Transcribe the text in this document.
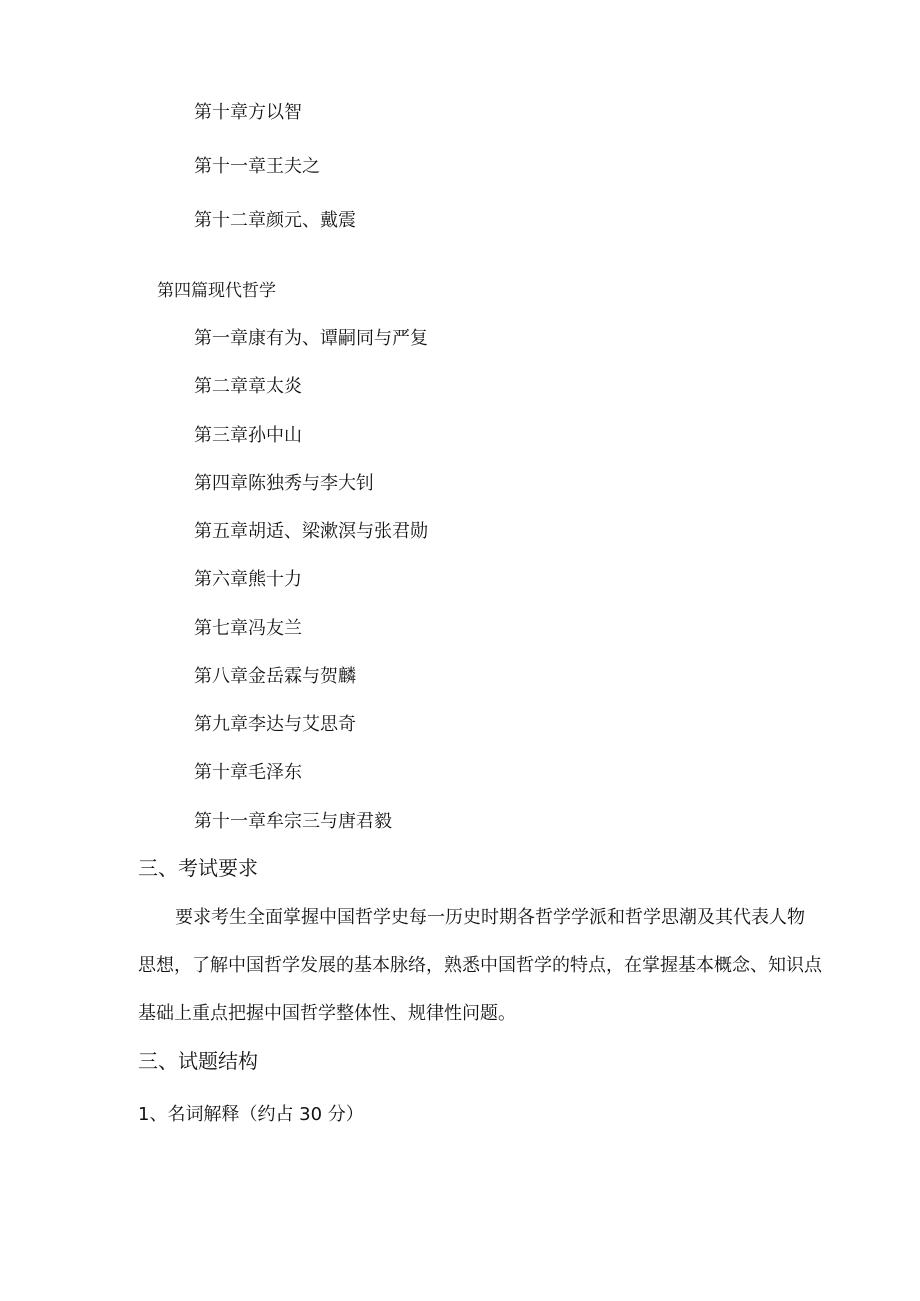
第十章方以智
第十一章王夫之
第十二章颜元、戴震
第四篇现代哲学
第一章康有为、谭嗣同与严复
第二章章太炎
第三章孙中山
第四章陈独秀与李大钊
第五章胡适、梁漱溟与张君勋
第六章熊十力
第七章冯友兰
第八章金岳霖与贺麟
第九章李达与艾思奇
第十章毛泽东
第十一章牟宗三与唐君毅
三、考试要求
要求考生全面掌握中国哲学史每一历史时期各哲学学派和哲学思潮及其代表人物
思想，了解中国哲学发展的基本脉络，熟悉中国哲学的特点，在掌握基本概念、知识点
基础上重点把握中国哲学整体性、规律性问题。
三、试题结构
1、名词解释（约占 30 分）
